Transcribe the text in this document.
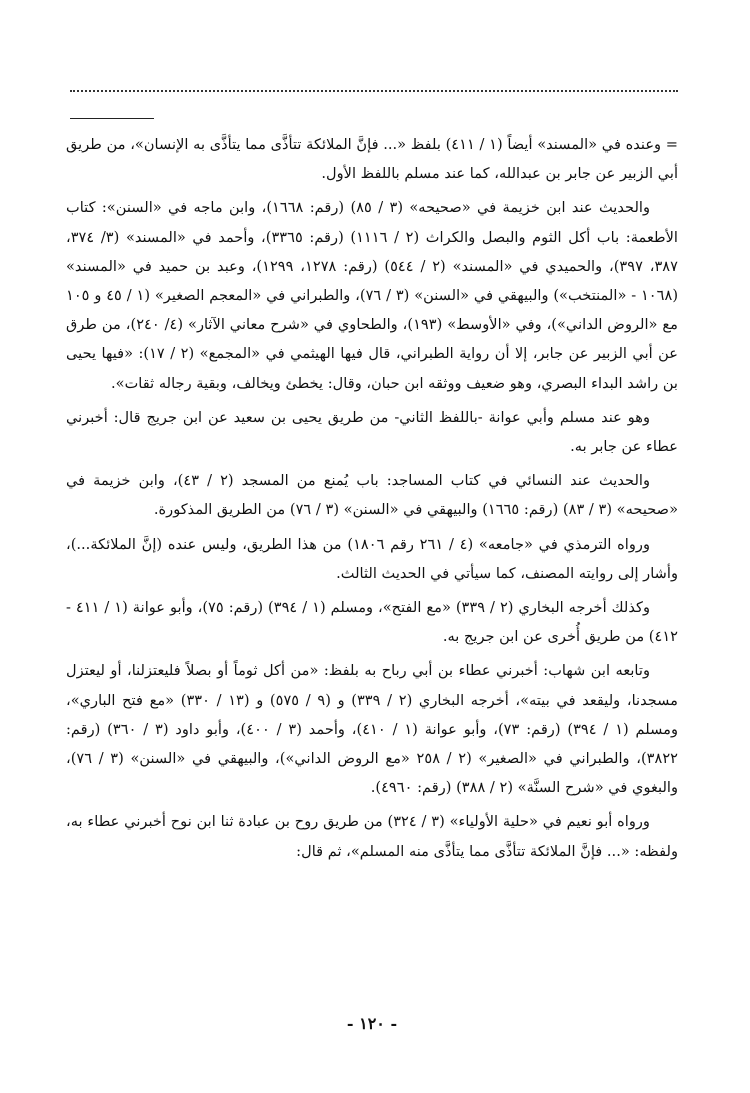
= وعنده في «المسند» أيضاً (١ / ٤١١) بلفظ «... فإنَّ الملائكة تتأذَّى مما يتأذَّى به الإنسان»، من طريق أبي الزبير عن جابر بن عبدالله، كما عند مسلم باللفظ الأول.

والحديث عند ابن خزيمة في «صحيحه» (٣ / ٨٥) (رقم: ١٦٦٨)، وابن ماجه في «السنن»: كتاب الأطعمة: باب أكل الثوم والبصل والكراث (٢ / ١١١٦) (رقم: ٣٣٦٥)، وأحمد في «المسند» (٣/ ٣٧٤، ٣٨٧، ٣٩٧)، والحميدي في «المسند» (٢ / ٥٤٤) (رقم: ١٢٧٨، ١٢٩٩)، وعبد بن حميد في «المسند» (١٠٦٨ - «المنتخب») والبيهقي في «السنن» (٣ / ٧٦)، والطبراني في «المعجم الصغير» (١ / ٤٥ و ١٠٥ مع «الروض الداني»)، وفي «الأوسط» (١٩٣)، والطحاوي في «شرح معاني الآثار» (٤/ ٢٤٠)، من طرق عن أبي الزبير عن جابر، إلا أن رواية الطبراني، قال فيها الهيثمي في «المجمع» (٢ / ١٧): «فيها يحيى بن راشد البداء البصري، وهو ضعيف ووثقه ابن حبان، وقال: يخطئ ويخالف، وبقية رجاله ثقات».

وهو عند مسلم وأبي عوانة -باللفظ الثاني- من طريق يحيى بن سعيد عن ابن جريج قال: أخبرني عطاء عن جابر به.

والحديث عند النسائي في كتاب المساجد: باب يُمنع من المسجد (٢ / ٤٣)، وابن خزيمة في «صحيحه» (٣ / ٨٣) (رقم: ١٦٦٥) والبيهقي في «السنن» (٣ / ٧٦) من الطريق المذكورة.

ورواه الترمذي في «جامعه» (٤ / ٢٦١ رقم ١٨٠٦) من هذا الطريق، وليس عنده (إنَّ الملائكة...)، وأشار إلى روايته المصنف، كما سيأتي في الحديث الثالث.

وكذلك أخرجه البخاري (٢ / ٣٣٩) «مع الفتح»، ومسلم (١ / ٣٩٤) (رقم: ٧٥)، وأبو عوانة (١ / ٤١١ - ٤١٢) من طريق أُخرى عن ابن جريج به.

وتابعه ابن شهاب: أخبرني عطاء بن أبي رباح به بلفظ: «من أكل ثوماً أو بصلاً فليعتزلنا، أو ليعتزل مسجدنا، وليقعد في بيته»، أخرجه البخاري (٢ / ٣٣٩) و (٩ / ٥٧٥) و (١٣ / ٣٣٠) «مع فتح الباري»، ومسلم (١ / ٣٩٤) (رقم: ٧٣)، وأبو عوانة (١ / ٤١٠)، وأحمد (٣ / ٤٠٠)، وأبو داود (٣ / ٣٦٠) (رقم: ٣٨٢٢)، والطبراني في «الصغير» (٢ / ٢٥٨ «مع الروض الداني»)، والبيهقي في «السنن» (٣ / ٧٦)، والبغوي في «شرح السنَّة» (٢ / ٣٨٨) (رقم: ٤٩٦٠).

ورواه أبو نعيم في «حلية الأولياء» (٣ / ٣٢٤) من طريق روح بن عبادة ثنا ابن نوح أخبرني عطاء به، ولفظه: «... فإنَّ الملائكة تتأذَّى مما يتأذَّى منه المسلم»، ثم قال:

- ١٢٠ -
